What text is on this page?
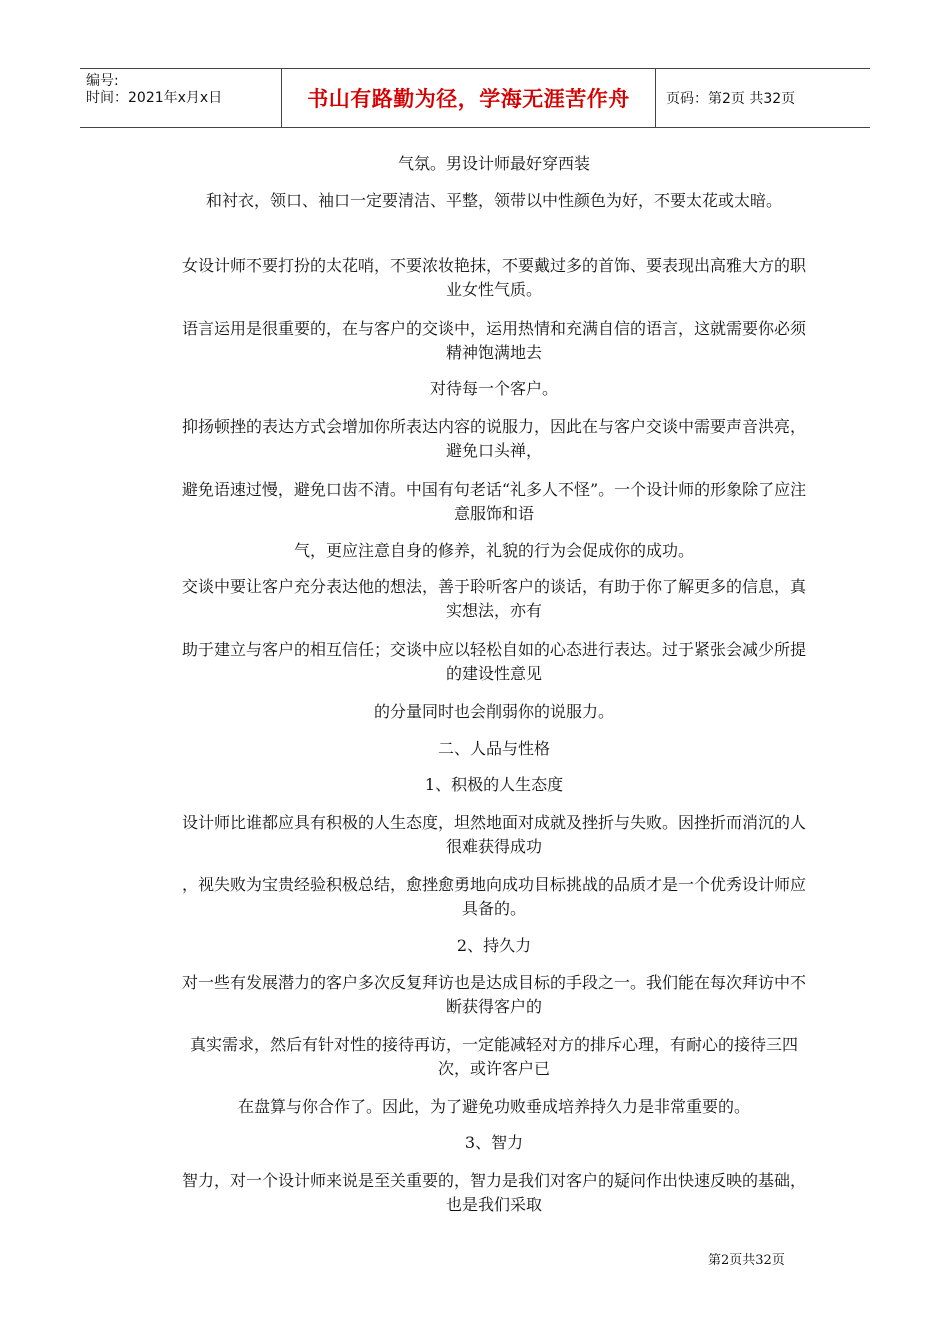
编号:
时间：2021年x月x日	书山有路勤为径，学海无涯苦作舟	页码：第2页 共32页

气氛。男设计师最好穿西装

和衬衣，领口、袖口一定要清洁、平整，领带以中性颜色为好，不要太花或太暗。

女设计师不要打扮的太花哨，不要浓妆艳抹，不要戴过多的首饰、要表现出高雅大方的职业女性气质。

语言运用是很重要的，在与客户的交谈中，运用热情和充满自信的语言，这就需要你必须精神饱满地去

对待每一个客户。

抑扬顿挫的表达方式会增加你所表达内容的说服力，因此在与客户交谈中需要声音洪亮，避免口头禅，

避免语速过慢，避免口齿不清。中国有句老话“礼多人不怪”。一个设计师的形象除了应注意服饰和语

气，更应注意自身的修养，礼貌的行为会促成你的成功。

交谈中要让客户充分表达他的想法，善于聆听客户的谈话，有助于你了解更多的信息，真实想法，亦有

助于建立与客户的相互信任；交谈中应以轻松自如的心态进行表达。过于紧张会减少所提的建设性意见

的分量同时也会削弱你的说服力。

二、人品与性格

1、积极的人生态度

设计师比谁都应具有积极的人生态度，坦然地面对成就及挫折与失败。因挫折而消沉的人很难获得成功

，视失败为宝贵经验积极总结，愈挫愈勇地向成功目标挑战的品质才是一个优秀设计师应具备的。

2、持久力

对一些有发展潜力的客户多次反复拜访也是达成目标的手段之一。我们能在每次拜访中不断获得客户的

真实需求，然后有针对性的接待再访，一定能减轻对方的排斥心理，有耐心的接待三四次，或许客户已

在盘算与你合作了。因此，为了避免功败垂成培养持久力是非常重要的。

3、智力

智力，对一个设计师来说是至关重要的，智力是我们对客户的疑问作出快速反映的基础，也是我们采取

第2页共32页
